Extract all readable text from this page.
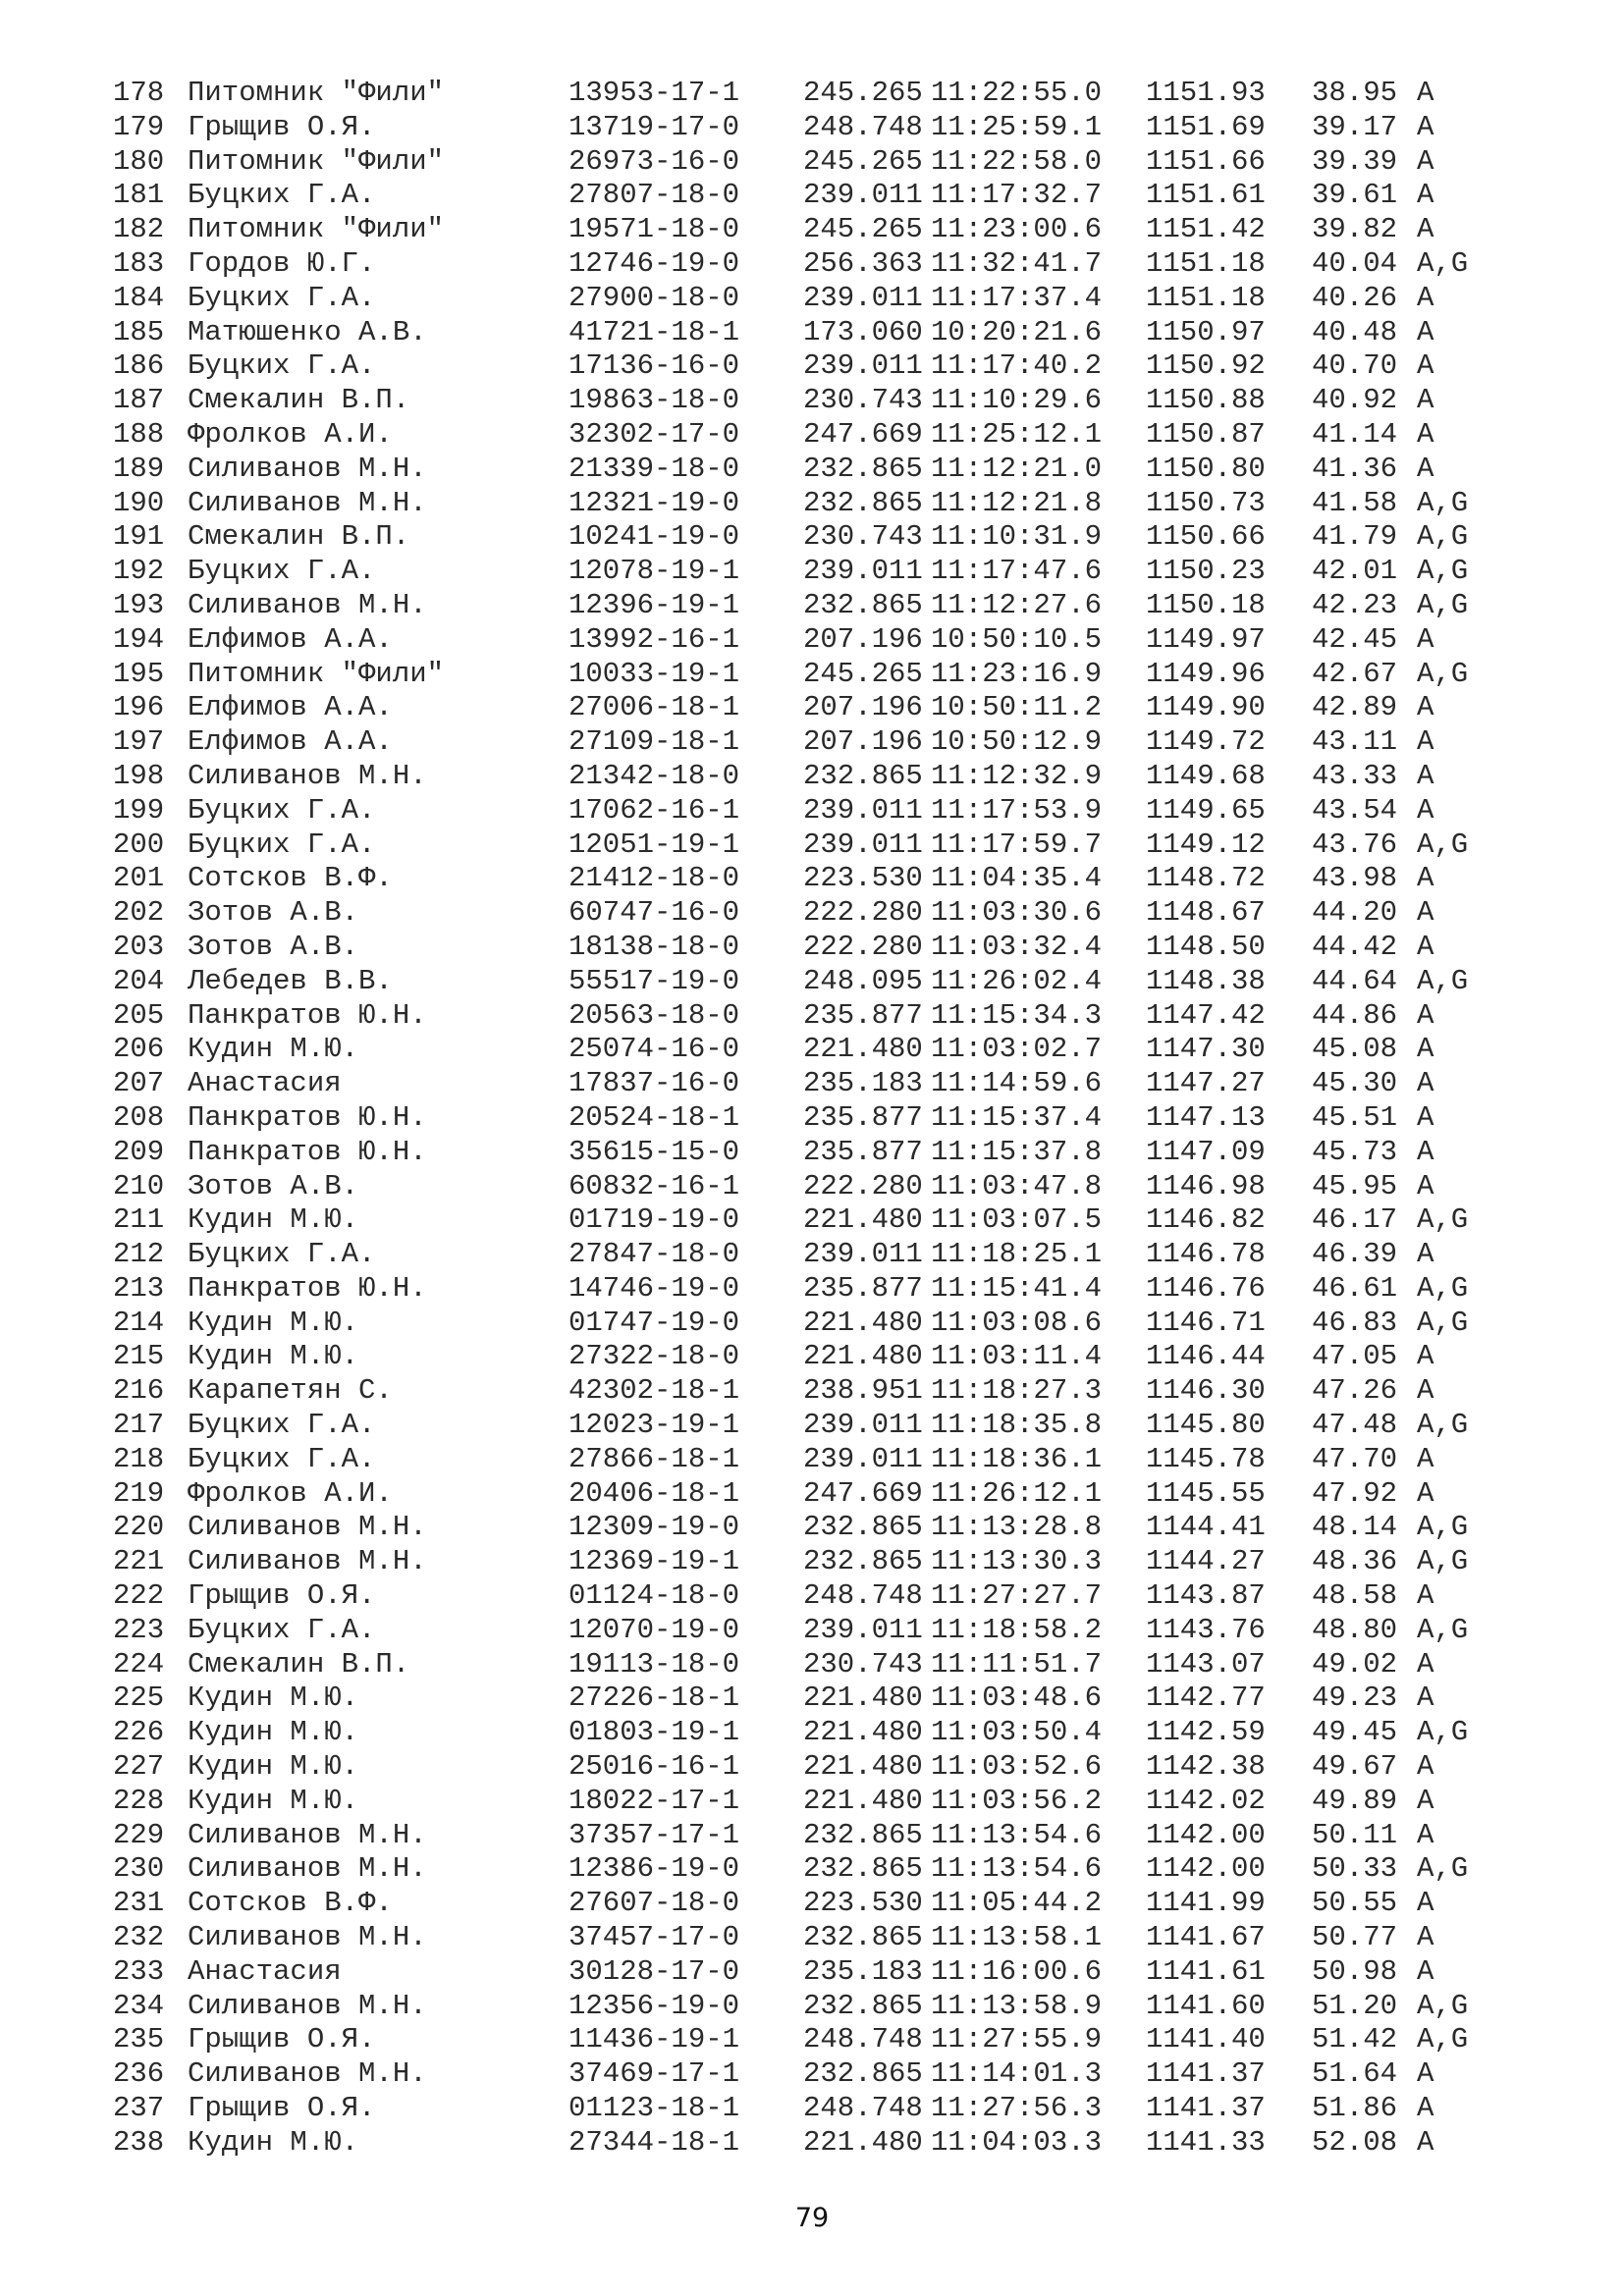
178 Питомник "Фили"	13953-17-1 245.265 11:22:55.0 1151.93 38.95 A
179 Грыщив О.Я.	13719-17-0 248.748 11:25:59.1 1151.69 39.17 A
180 Питомник "Фили"	26973-16-0 245.265 11:22:58.0 1151.66 39.39 A
181 Буцких Г.А.	27807-18-0 239.011 11:17:32.7 1151.61 39.61 A
182 Питомник "Фили"	19571-18-0 245.265 11:23:00.6 1151.42 39.82 A
183 Гордов Ю.Г.	12746-19-0 256.363 11:32:41.7 1151.18 40.04 A,G
184 Буцких Г.А.	27900-18-0 239.011 11:17:37.4 1151.18 40.26 A
185 Матюшенко А.В.	41721-18-1 173.060 10:20:21.6 1150.97 40.48 A
186 Буцких Г.А.	17136-16-0 239.011 11:17:40.2 1150.92 40.70 A
187 Смекалин В.П.	19863-18-0 230.743 11:10:29.6 1150.88 40.92 A
188 Фролков А.И.	32302-17-0 247.669 11:25:12.1 1150.87 41.14 A
189 Силиванов М.Н.	21339-18-0 232.865 11:12:21.0 1150.80 41.36 A
190 Силиванов М.Н.	12321-19-0 232.865 11:12:21.8 1150.73 41.58 A,G
191 Смекалин В.П.	10241-19-0 230.743 11:10:31.9 1150.66 41.79 A,G
192 Буцких Г.А.	12078-19-1 239.011 11:17:47.6 1150.23 42.01 A,G
193 Силиванов М.Н.	12396-19-1 232.865 11:12:27.6 1150.18 42.23 A,G
194 Елфимов А.А.	13992-16-1 207.196 10:50:10.5 1149.97 42.45 A
195 Питомник "Фили"	10033-19-1 245.265 11:23:16.9 1149.96 42.67 A,G
196 Елфимов А.А.	27006-18-1 207.196 10:50:11.2 1149.90 42.89 A
197 Елфимов А.А.	27109-18-1 207.196 10:50:12.9 1149.72 43.11 A
198 Силиванов М.Н.	21342-18-0 232.865 11:12:32.9 1149.68 43.33 A
199 Буцких Г.А.	17062-16-1 239.011 11:17:53.9 1149.65 43.54 A
200 Буцких Г.А.	12051-19-1 239.011 11:17:59.7 1149.12 43.76 A,G
201 Сотсков В.Ф.	21412-18-0 223.530 11:04:35.4 1148.72 43.98 A
202 Зотов А.В.	60747-16-0 222.280 11:03:30.6 1148.67 44.20 A
203 Зотов А.В.	18138-18-0 222.280 11:03:32.4 1148.50 44.42 A
204 Лебедев В.В.	55517-19-0 248.095 11:26:02.4 1148.38 44.64 A,G
205 Панкратов Ю.Н.	20563-18-0 235.877 11:15:34.3 1147.42 44.86 A
206 Кудин М.Ю.	25074-16-0 221.480 11:03:02.7 1147.30 45.08 A
207 Анастасия	17837-16-0 235.183 11:14:59.6 1147.27 45.30 A
208 Панкратов Ю.Н.	20524-18-1 235.877 11:15:37.4 1147.13 45.51 A
209 Панкратов Ю.Н.	35615-15-0 235.877 11:15:37.8 1147.09 45.73 A
210 Зотов А.В.	60832-16-1 222.280 11:03:47.8 1146.98 45.95 A
211 Кудин М.Ю.	01719-19-0 221.480 11:03:07.5 1146.82 46.17 A,G
212 Буцких Г.А.	27847-18-0 239.011 11:18:25.1 1146.78 46.39 A
213 Панкратов Ю.Н.	14746-19-0 235.877 11:15:41.4 1146.76 46.61 A,G
214 Кудин М.Ю.	01747-19-0 221.480 11:03:08.6 1146.71 46.83 A,G
215 Кудин М.Ю.	27322-18-0 221.480 11:03:11.4 1146.44 47.05 A
216 Карапетян С.	42302-18-1 238.951 11:18:27.3 1146.30 47.26 A
217 Буцких Г.А.	12023-19-1 239.011 11:18:35.8 1145.80 47.48 A,G
218 Буцких Г.А.	27866-18-1 239.011 11:18:36.1 1145.78 47.70 A
219 Фролков А.И.	20406-18-1 247.669 11:26:12.1 1145.55 47.92 A
220 Силиванов М.Н.	12309-19-0 232.865 11:13:28.8 1144.41 48.14 A,G
221 Силиванов М.Н.	12369-19-1 232.865 11:13:30.3 1144.27 48.36 A,G
222 Грыщив О.Я.	01124-18-0 248.748 11:27:27.7 1143.87 48.58 A
223 Буцких Г.А.	12070-19-0 239.011 11:18:58.2 1143.76 48.80 A,G
224 Смекалин В.П.	19113-18-0 230.743 11:11:51.7 1143.07 49.02 A
225 Кудин М.Ю.	27226-18-1 221.480 11:03:48.6 1142.77 49.23 A
226 Кудин М.Ю.	01803-19-1 221.480 11:03:50.4 1142.59 49.45 A,G
227 Кудин М.Ю.	25016-16-1 221.480 11:03:52.6 1142.38 49.67 A
228 Кудин М.Ю.	18022-17-1 221.480 11:03:56.2 1142.02 49.89 A
229 Силиванов М.Н.	37357-17-1 232.865 11:13:54.6 1142.00 50.11 A
230 Силиванов М.Н.	12386-19-0 232.865 11:13:54.6 1142.00 50.33 A,G
231 Сотсков В.Ф.	27607-18-0 223.530 11:05:44.2 1141.99 50.55 A
232 Силиванов М.Н.	37457-17-0 232.865 11:13:58.1 1141.67 50.77 A
233 Анастасия	30128-17-0 235.183 11:16:00.6 1141.61 50.98 A
234 Силиванов М.Н.	12356-19-0 232.865 11:13:58.9 1141.60 51.20 A,G
235 Грыщив О.Я.	11436-19-1 248.748 11:27:55.9 1141.40 51.42 A,G
236 Силиванов М.Н.	37469-17-1 232.865 11:14:01.3 1141.37 51.64 A
237 Грыщив О.Я.	01123-18-1 248.748 11:27:56.3 1141.37 51.86 A
238 Кудин М.Ю.	27344-18-1 221.480 11:04:03.3 1141.33 52.08 A
79
